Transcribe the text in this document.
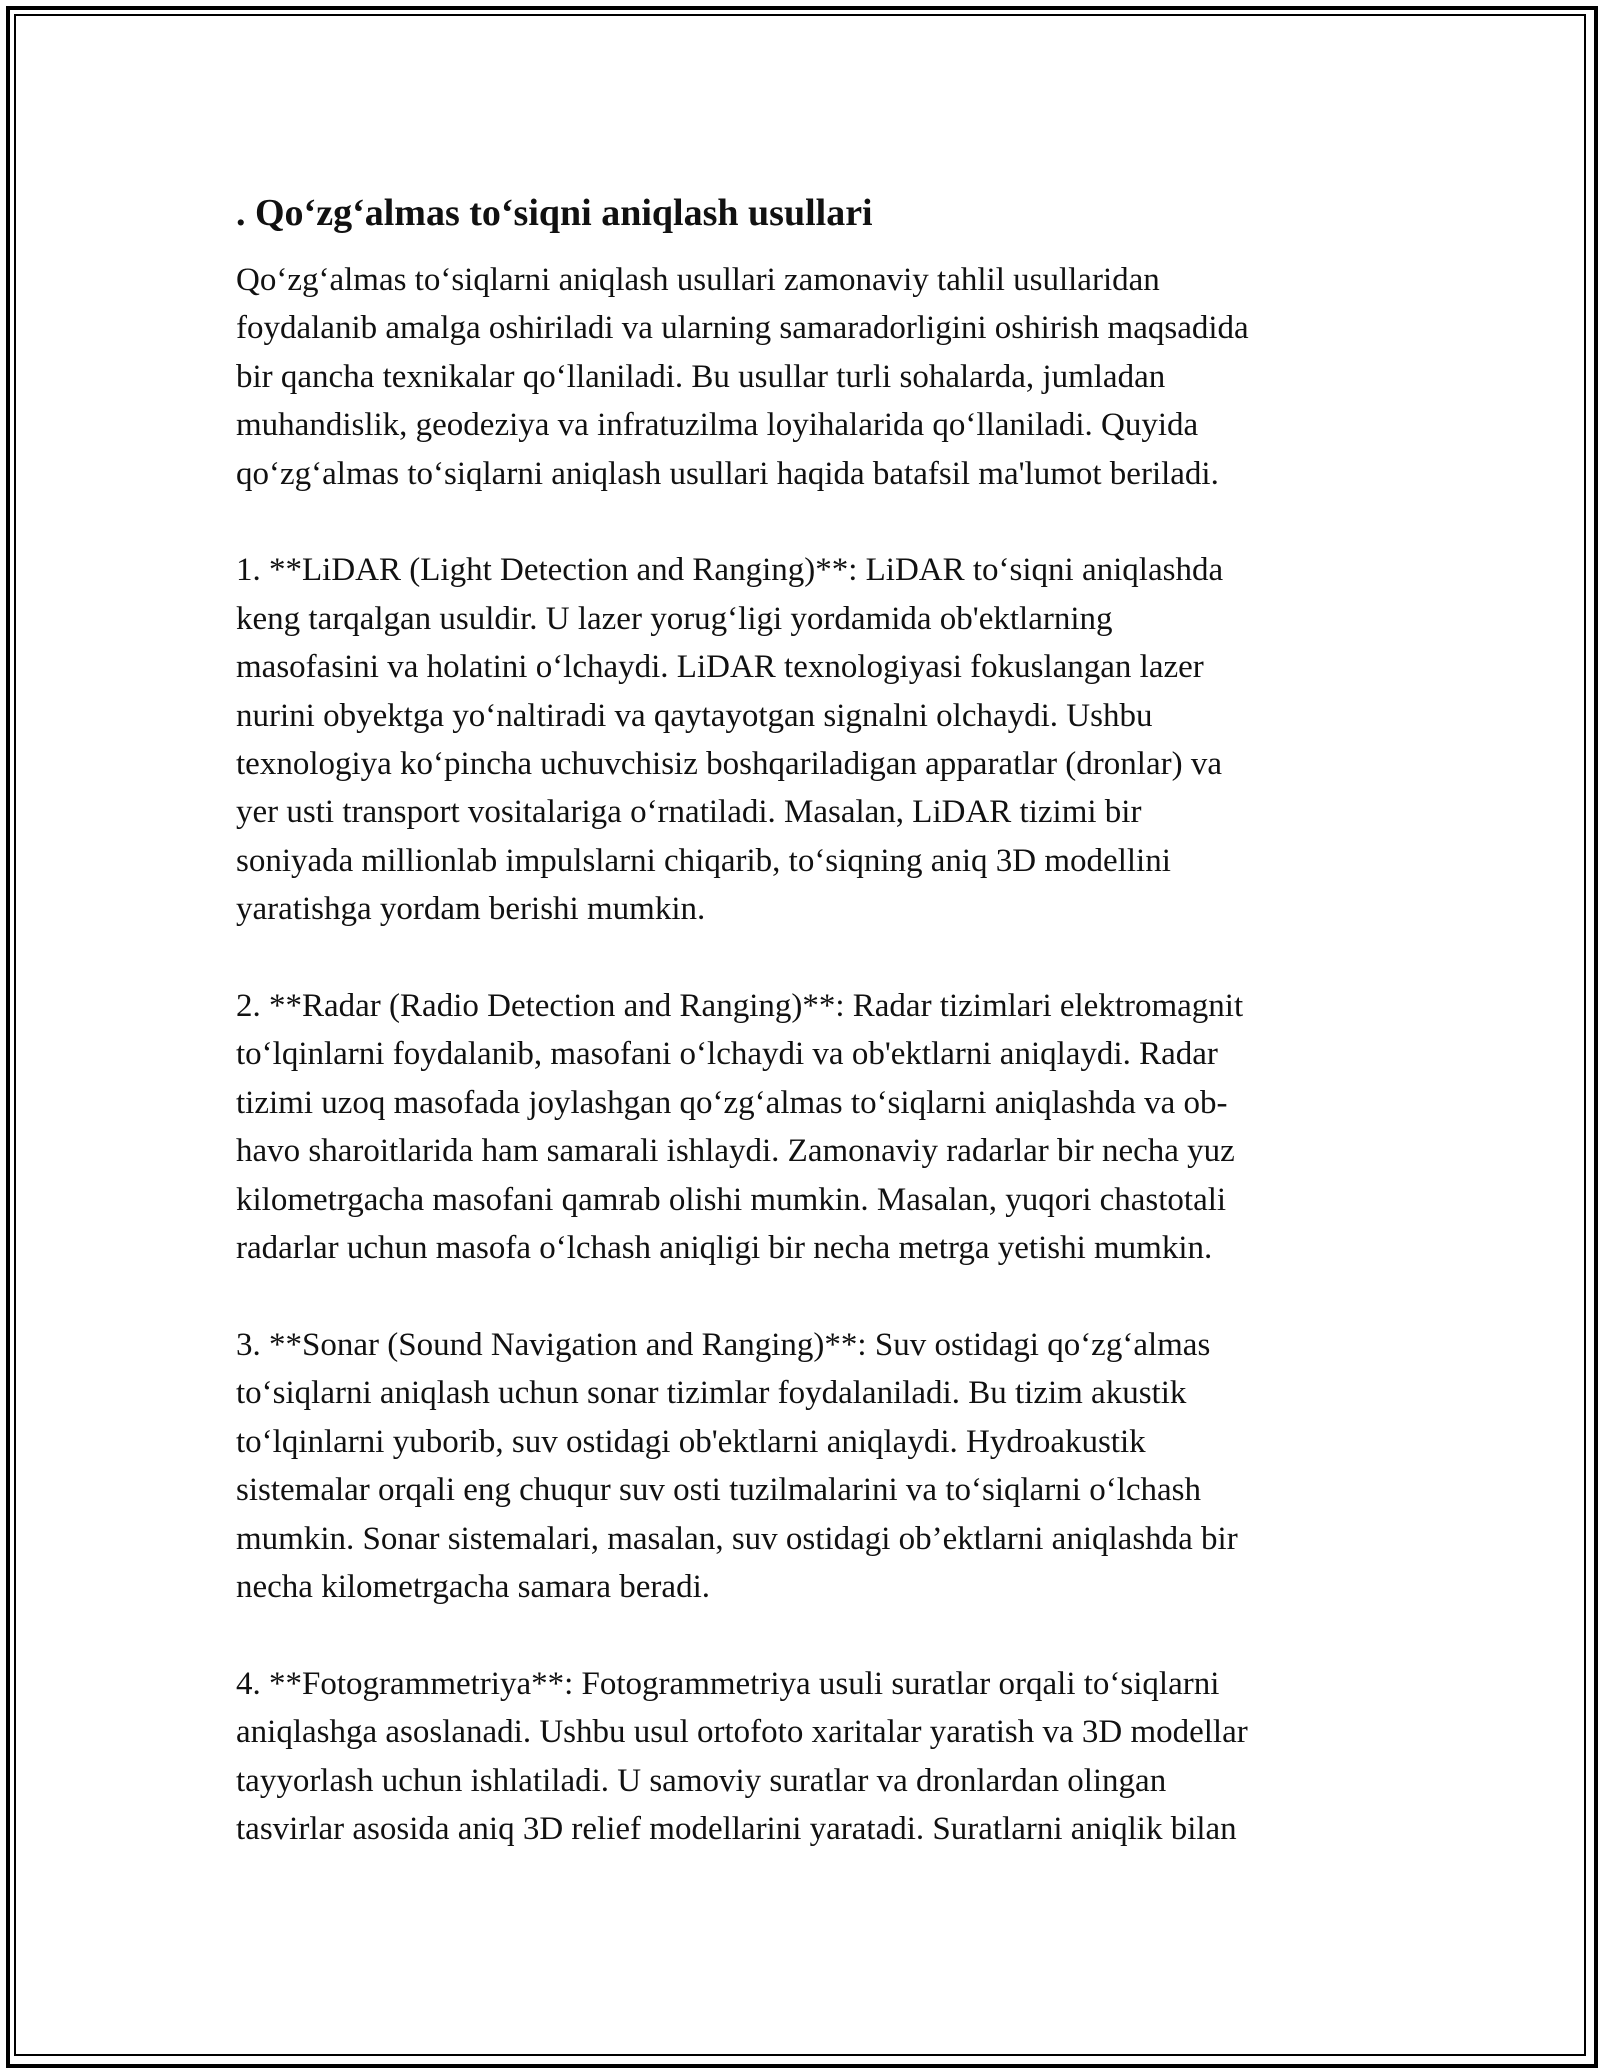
. Qoʻzgʻalmas toʻsiqni aniqlash usullari
Qoʻzgʻalmas toʻsiqlarni aniqlash usullari zamonaviy tahlil usullaridan
foydalanib amalga oshiriladi va ularning samaradorligini oshirish maqsadida
bir qancha texnikalar qoʻllaniladi. Bu usullar turli sohalarda, jumladan
muhandislik, geodeziya va infratuzilma loyihalarida qoʻllaniladi. Quyida
qoʻzgʻalmas toʻsiqlarni aniqlash usullari haqida batafsil ma'lumot beriladi.
1. **LiDAR (Light Detection and Ranging)**: LiDAR toʻsiqni aniqlashda
keng tarqalgan usuldir. U lazer yorugʻligi yordamida ob'ektlarning
masofasini va holatini oʻlchaydi. LiDAR texnologiyasi fokuslangan lazer
nurini obyektga yoʻnaltiradi va qaytayotgan signalni olchaydi. Ushbu
texnologiya koʻpincha uchuvchisiz boshqariladigan apparatlar (dronlar) va
yer usti transport vositalariga oʻrnatiladi. Masalan, LiDAR tizimi bir
soniyada millionlab impulslarni chiqarib, toʻsiqning aniq 3D modellini
yaratishga yordam berishi mumkin.
2. **Radar (Radio Detection and Ranging)**: Radar tizimlari elektromagnit
toʻlqinlarni foydalanib, masofani oʻlchaydi va ob'ektlarni aniqlaydi. Radar
tizimi uzoq masofada joylashgan qoʻzgʻalmas toʻsiqlarni aniqlashda va ob-
havo sharoitlarida ham samarali ishlaydi. Zamonaviy radarlar bir necha yuz
kilometrgacha masofani qamrab olishi mumkin. Masalan, yuqori chastotali
radarlar uchun masofa oʻlchash aniqligi bir necha metrga yetishi mumkin.
3. **Sonar (Sound Navigation and Ranging)**: Suv ostidagi qoʻzgʻalmas
toʻsiqlarni aniqlash uchun sonar tizimlar foydalaniladi. Bu tizim akustik
toʻlqinlarni yuborib, suv ostidagi ob'ektlarni aniqlaydi. Hydroakustik
sistemalar orqali eng chuqur suv osti tuzilmalarini va toʻsiqlarni oʻlchash
mumkin. Sonar sistemalari, masalan, suv ostidagi ob’ektlarni aniqlashda bir
necha kilometrgacha samara beradi.
4. **Fotogrammetriya**: Fotogrammetriya usuli suratlar orqali toʻsiqlarni
aniqlashga asoslanadi. Ushbu usul ortofoto xaritalar yaratish va 3D modellar
tayyorlash uchun ishlatiladi. U samoviy suratlar va dronlardan olingan
tasvirlar asosida aniq 3D relief modellarini yaratadi. Suratlarni aniqlik bilan
